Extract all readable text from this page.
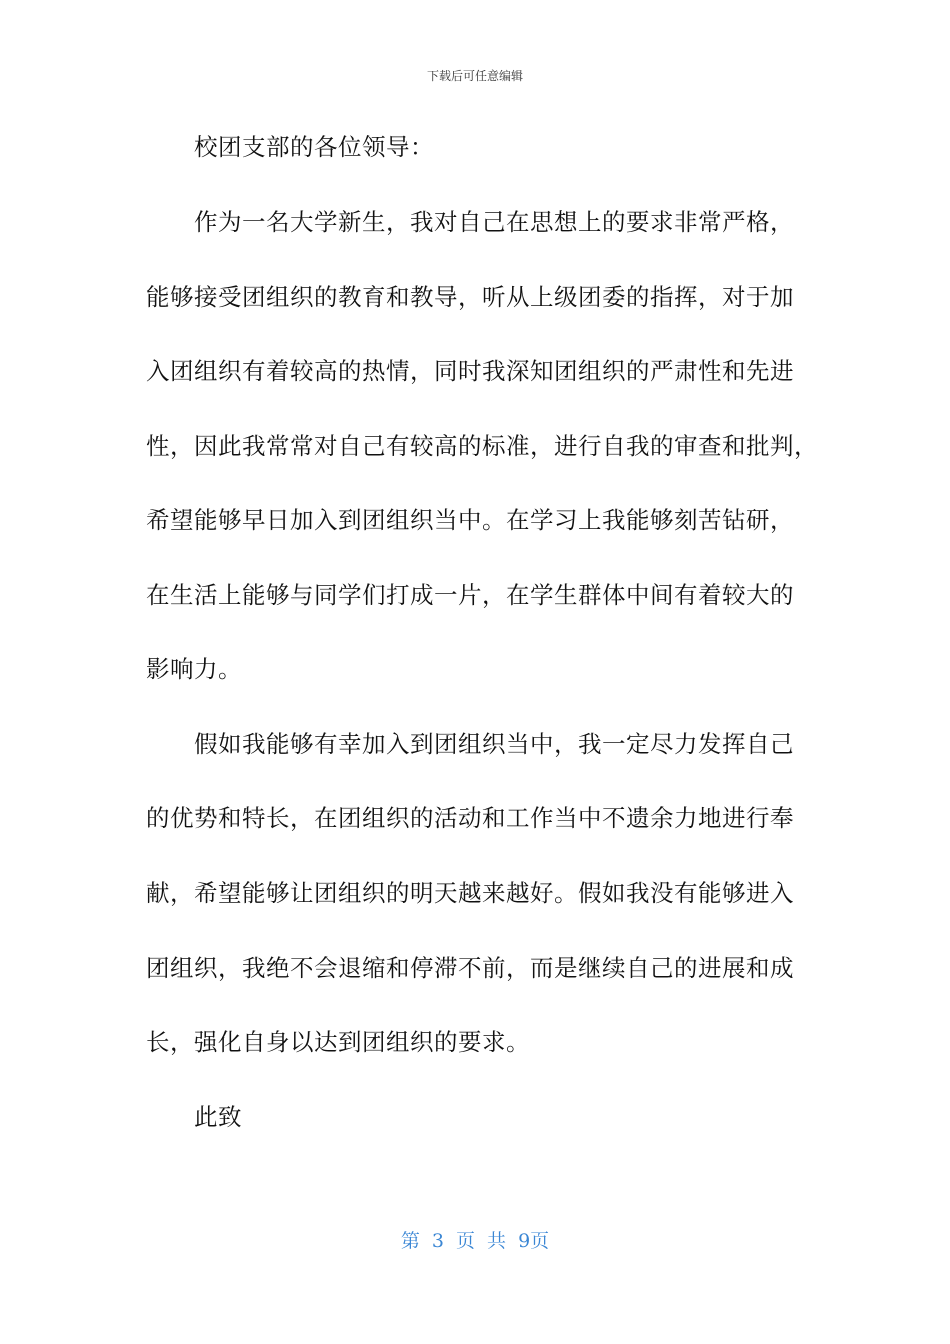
下载后可任意编辑
校团支部的各位领导：
作为一名大学新生，我对自己在思想上的要求非常严格，
能够接受团组织的教育和教导，听从上级团委的指挥，对于加
入团组织有着较高的热情，同时我深知团组织的严肃性和先进
性，因此我常常对自己有较高的标准，进行自我的审查和批判，
希望能够早日加入到团组织当中。在学习上我能够刻苦钻研，
在生活上能够与同学们打成一片，在学生群体中间有着较大的
影响力。
假如我能够有幸加入到团组织当中，我一定尽力发挥自己
的优势和特长，在团组织的活动和工作当中不遗余力地进行奉
献，希望能够让团组织的明天越来越好。假如我没有能够进入
团组织，我绝不会退缩和停滞不前，而是继续自己的进展和成
长，强化自身以达到团组织的要求。
此致
第 3 页 共 9页
